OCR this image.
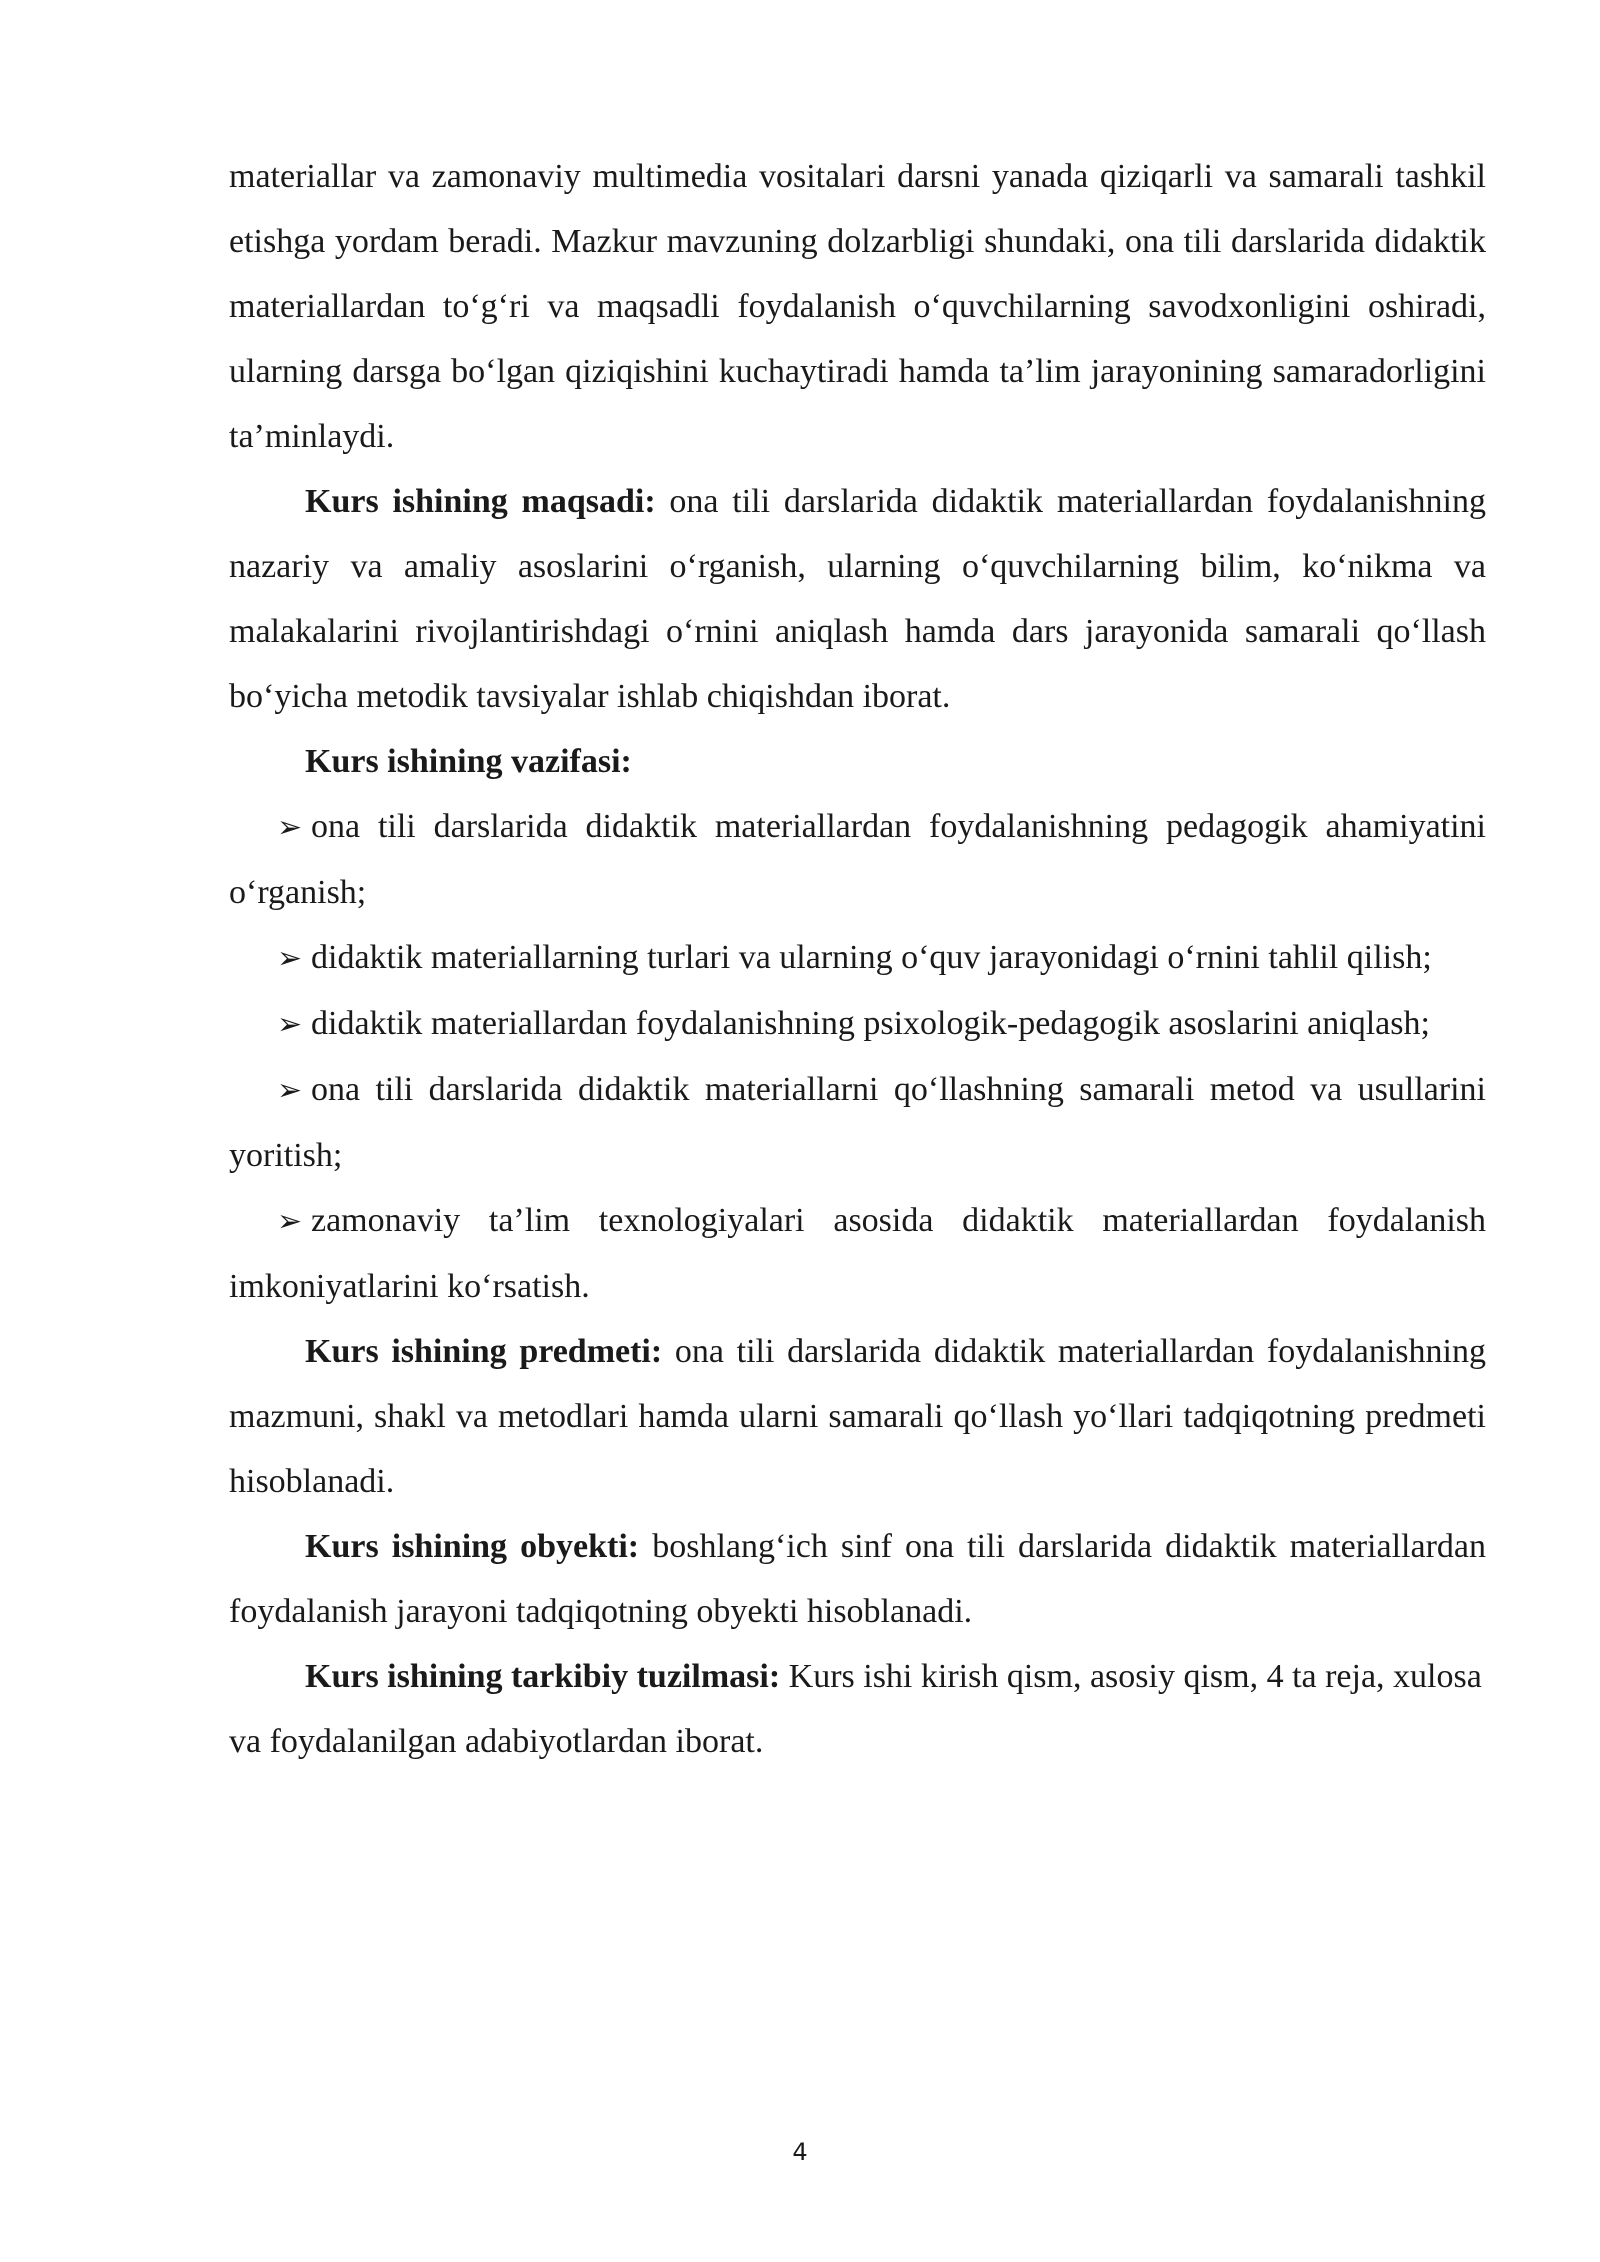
materiallar va zamonaviy multimedia vositalari darsni yanada qiziqarli va samarali tashkil etishga yordam beradi. Mazkur mavzuning dolzarbligi shundaki, ona tili darslarida didaktik materiallardan to‘g‘ri va maqsadli foydalanish o‘quvchilarning savodxonligini oshiradi, ularning darsga bo‘lgan qiziqishini kuchaytiradi hamda ta’lim jarayonining samaradorligini ta’minlaydi.

Kurs ishining maqsadi: ona tili darslarida didaktik materiallardan foydalanishning nazariy va amaliy asoslarini o‘rganish, ularning o‘quvchilarning bilim, ko‘nikma va malakalarini rivojlantirishdagi o‘rnini aniqlash hamda dars jarayonida samarali qo‘llash bo‘yicha metodik tavsiyalar ishlab chiqishdan iborat.

Kurs ishining vazifasi:

➢ ona tili darslarida didaktik materiallardan foydalanishning pedagogik ahamiyatini o‘rganish;

➢ didaktik materiallarning turlari va ularning o‘quv jarayonidagi o‘rnini tahlil qilish;

➢ didaktik materiallardan foydalanishning psixologik-pedagogik asoslarini aniqlash;

➢ ona tili darslarida didaktik materiallarni qo‘llashning samarali metod va usullarini yoritish;

➢ zamonaviy ta’lim texnologiyalari asosida didaktik materiallardan foydalanish imkoniyatlarini ko‘rsatish.

Kurs ishining predmeti: ona tili darslarida didaktik materiallardan foydalanishning mazmuni, shakl va metodlari hamda ularni samarali qo‘llash yo‘llari tadqiqotning predmeti hisoblanadi.

Kurs ishining obyekti: boshlang‘ich sinf ona tili darslarida didaktik materiallardan foydalanish jarayoni tadqiqotning obyekti hisoblanadi.

Kurs ishining tarkibiy tuzilmasi: Kurs ishi kirish qism, asosiy qism, 4 ta reja, xulosa va foydalanilgan adabiyotlardan iborat.

4
